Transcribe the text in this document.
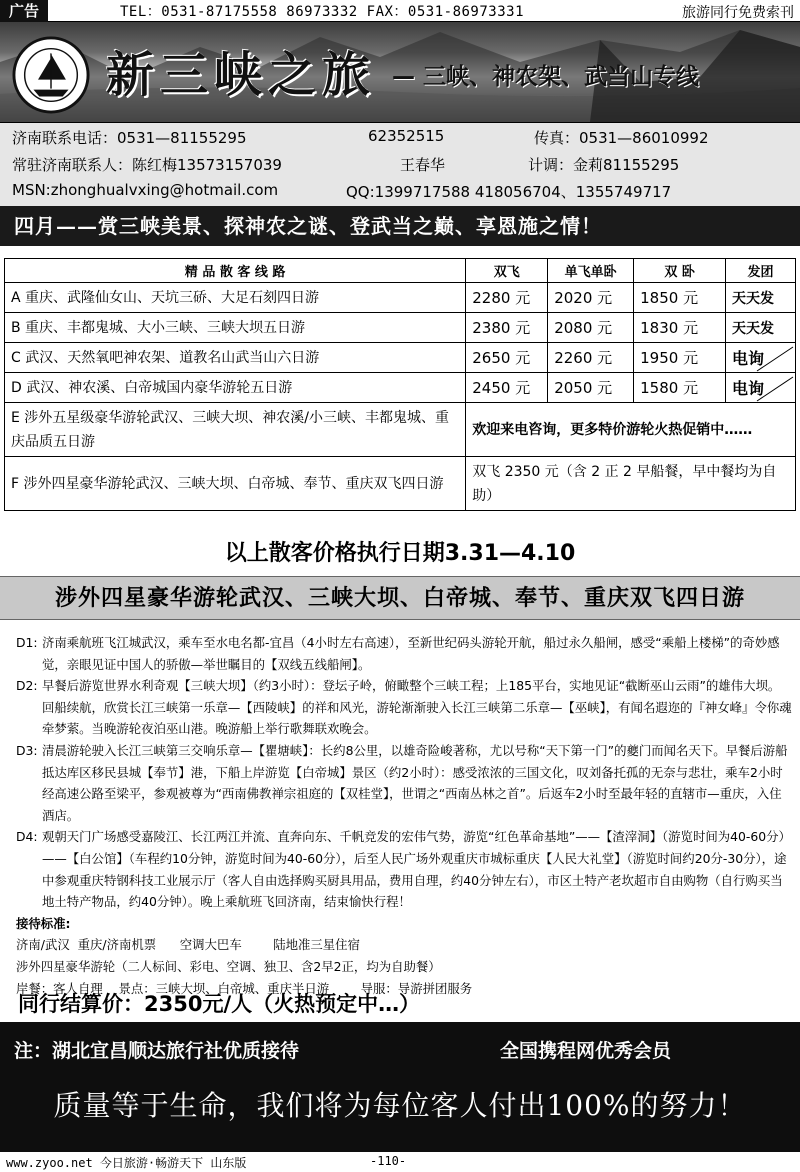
广告	TEL：0531-87175558 86973332 FAX：0531-86973331	旅游同行免费索刊
新三峡之旅 — 三峡、神农架、武当山专线
济南联系电话：0531—81155295	62352515	传真：0531—86010992
常驻济南联系人：陈红梅13573157039	王春华	计调：金莉81155295
MSN:zhonghualvxing@hotmail.com	QQ:1399717588 418056704、1355749717
四月——赏三峡美景、探神农之谜、登武当之巅、享恩施之情！
精 品 散 客 线 路	双飞	单飞单卧	双 卧	发团
A 重庆、武隆仙女山、天坑三硚、大足石刻四日游	2280 元	2020 元	1850 元	天天发
B 重庆、丰都鬼城、大小三峡、三峡大坝五日游	2380 元	2080 元	1830 元	天天发
C 武汉、天然氧吧神农架、道教名山武当山六日游	2650 元	2260 元	1950 元	电询

D 武汉、神农溪、白帝城国内豪华游轮五日游	2450 元	2050 元	1580 元	电询

E 涉外五星级豪华游轮武汉、三峡大坝、神农溪/小三峡、丰都鬼城、重庆品质五日游	欢迎来电咨询，更多特价游轮火热促销中……			
F 涉外四星豪华游轮武汉、三峡大坝、白帝城、奉节、重庆双飞四日游	双飞 2350 元（含 2 正 2 早船餐，早中餐均为自助）			
以上散客价格执行日期3.31—4.10
涉外四星豪华游轮武汉、三峡大坝、白帝城、奉节、重庆双飞四日游
D1: 济南乘航班飞江城武汉，乘车至水电名都-宜昌（4小时左右高速），至新世纪码头游轮开航，船过永久船闸，感受“乘船上楼梯”的奇妙感觉，亲眼见证中国人的骄傲—举世瞩目的【双线五线船闸】。
D2: 早餐后游览世界水利奇观【三峡大坝】（约3小时）：登坛子岭，俯瞰整个三峡工程；上185平台，实地见证“截断巫山云雨”的雄伟大坝。回船续航，欣赏长江三峡第一乐章—【西陵峡】的祥和风光，游轮渐渐驶入长江三峡第二乐章—【巫峡】，有闻名遐迩的『神女峰』令你魂牵梦萦。当晚游轮夜泊巫山港。晚游船上举行歌舞联欢晚会。
D3: 清晨游轮驶入长江三峡第三交响乐章—【瞿塘峡】：长约8公里，以雄奇险峻著称，尤以号称“天下第一门”的夔门而闻名天下。早餐后游船抵达库区移民县城【奉节】港，下船上岸游览【白帝城】景区（约2小时）：感受浓浓的三国文化，叹刘备托孤的无奈与悲壮，乘车2小时经高速公路至梁平，参观被尊为“西南佛教禅宗祖庭的【双桂堂】，世谓之“西南丛林之首”。后返车2小时至最年轻的直辖市—重庆，入住酒店。
D4: 观朝天门广场感受嘉陵江、长江两江并流、直奔向东、千帆竞发的宏伟气势，游览“红色革命基地”——【渣滓洞】（游览时间为40-60分）——【白公馆】（车程约10分钟，游览时间为40-60分），后至人民广场外观重庆市城标重庆【人民大礼堂】（游览时间约20分-30分），途中参观重庆特钢科技工业展示厅（客人自由选择购买厨具用品，费用自理，约40分钟左右），市区土特产老坎超市自由购物（自行购买当地土特产物品，约40分钟）。晚上乘航班飞回济南，结束愉快行程！
接待标准:
济南/武汉  重庆/济南机票      空调大巴车        陆地准三星住宿
涉外四星豪华游轮（二人标间、彩电、空调、独卫、含2早2正，均为自助餐）
岸餐：客人自理    景点：三峡大坝、白帝城、重庆半日游        导服：导游拼团服务
同行结算价：2350元/人（火热预定中…）
注：湖北宜昌顺达旅行社优质接待	全国携程网优秀会员
质量等于生命，我们将为每位客人付出100%的努力！
www.zyoo.net 今日旅游·畅游天下 山东版	-110-
